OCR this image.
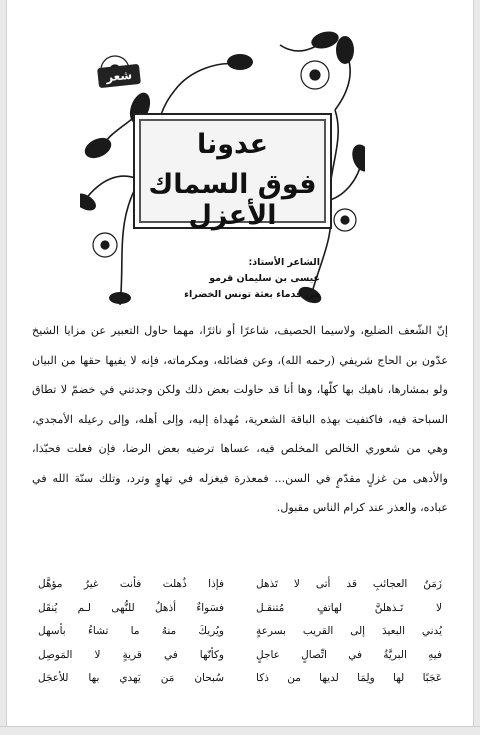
شعر
عدونا
فوق السماك الأعزل
الشاعر الأستاذ:
عيسى بن سليمان قرمو
من قدماء بعثة تونس الخضراء

إنّ الشّعف الضليع، ولاسيما الحصيف، شاعرًا أو ناثرًا، مهما حاول التعبير عن مزايا الشيخ عدّون بن الحاج شريفي (رحمه الله)، وعن فضائله، ومكرماته، فإنه لا يفيها حقها من البيان ولو بمشارها، ناهيك بها كلّها، وها أنا قد حاولت بعض ذلك ولكن وجدتني في خضمّ لا تطاق السباحة فيه، فاكتفيت بهذه الباقة الشعرية، مُهداة إليه، وإلى أهله، وإلى رعيله الأمجدي، وهي من شعوري الخالص المخلص فيه، عساها ترضيه بعض الرضا، فإن فعلت فحبّذا، والأدهى من غزلٍ مقدّمٍ في السن... فمعذرة فيغزله في تهاوٍ وترد، وتلك سنّة الله في عباده، والعذر عند كرام الناس مقبول.

زَمَنُ العجائبِ قد أتى لا تَذهل
فإذا ذُهلت فأنت غيرُ مؤهَّل
لا تَـذهلنَّ لهاتفٍ مُتنقـل
فسَواءٌ أذهلُ للنُّهى لـم يُنقَل
يُدني البعيدَ إلى القريب بسرعةٍ
ويُريكَ منهُ ما تشاءُ بأسهل
فيهِ البريَّةُ في اتِّصالٍ عاجلٍ
وكأنّها في قريةٍ لا المَوصِل
عَجَبًا لها ولِمَا لديها من ذكا
سُبحان مَن يَهدي بها للأعجَل
